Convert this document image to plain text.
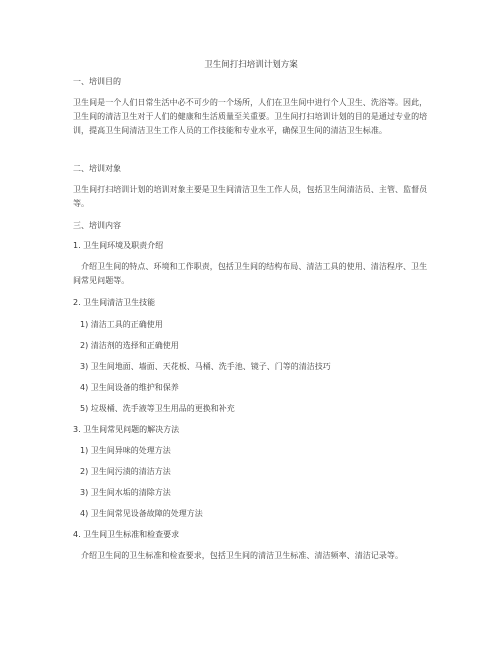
卫生间打扫培训计划方案
一、培训目的
卫生间是一个人们日常生活中必不可少的一个场所，人们在卫生间中进行个人卫生、洗浴等。因此，卫生间的清洁卫生对于人们的健康和生活质量至关重要。卫生间打扫培训计划的目的是通过专业的培训，提高卫生间清洁卫生工作人员的工作技能和专业水平，确保卫生间的清洁卫生标准。
二、培训对象
卫生间打扫培训计划的培训对象主要是卫生间清洁卫生工作人员，包括卫生间清洁员、主管、监督员等。
三、培训内容
1. 卫生间环境及职责介绍
介绍卫生间的特点、环境和工作职责，包括卫生间的结构布局、清洁工具的使用、清洁程序、卫生间常见问题等。
2. 卫生间清洁卫生技能
1) 清洁工具的正确使用
2) 清洁剂的选择和正确使用
3) 卫生间地面、墙面、天花板、马桶、洗手池、镜子、门等的清洁技巧
4) 卫生间设备的维护和保养
5) 垃圾桶、洗手液等卫生用品的更换和补充
3. 卫生间常见问题的解决方法
1) 卫生间异味的处理方法
2) 卫生间污渍的清洁方法
3) 卫生间水垢的清除方法
4) 卫生间常见设备故障的处理方法
4. 卫生间卫生标准和检查要求
介绍卫生间的卫生标准和检查要求，包括卫生间的清洁卫生标准、清洁频率、清洁记录等。
